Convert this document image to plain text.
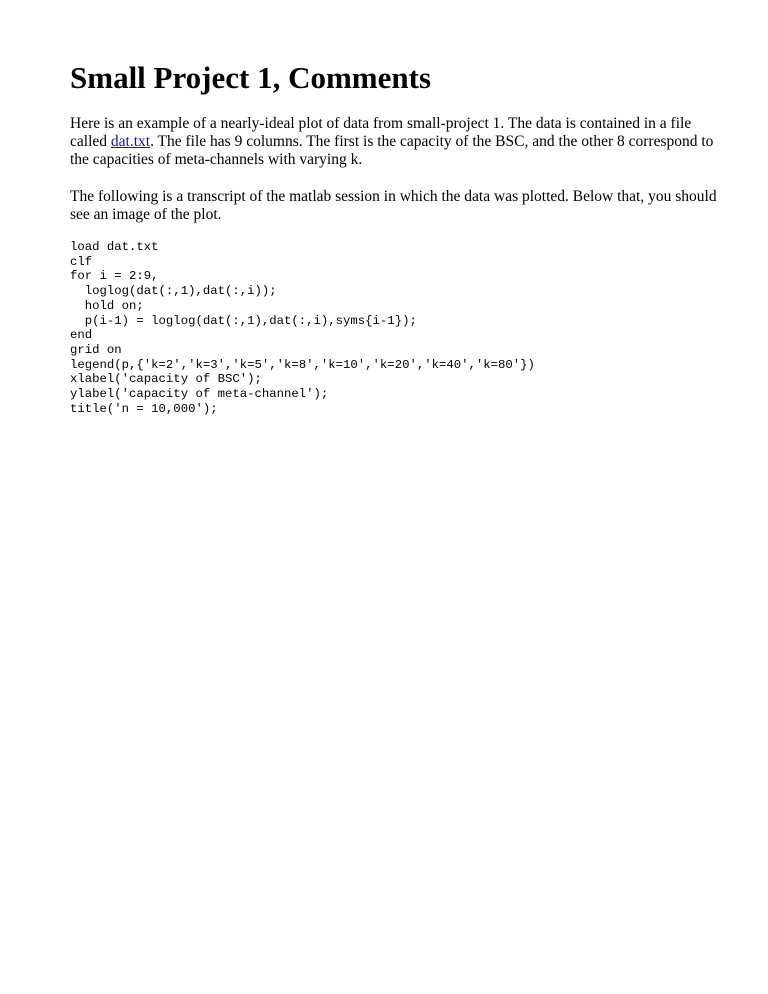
Small Project 1, Comments

Here is an example of a nearly-ideal plot of data from small-project 1. The data is contained in a file called dat.txt. The file has 9 columns. The first is the capacity of the BSC, and the other 8 correspond to the capacities of meta-channels with varying k.

The following is a transcript of the matlab session in which the data was plotted. Below that, you should see an image of the plot.

load dat.txt
clf
for i = 2:9,
loglog(dat(:,1),dat(:,i));
hold on;
p(i-1) = loglog(dat(:,1),dat(:,i),syms{i-1});
end
grid on
legend(p,{'k=2','k=3','k=5','k=8','k=10','k=20','k=40','k=80'})
xlabel('capacity of BSC');
ylabel('capacity of meta-channel');
title('n = 10,000');
